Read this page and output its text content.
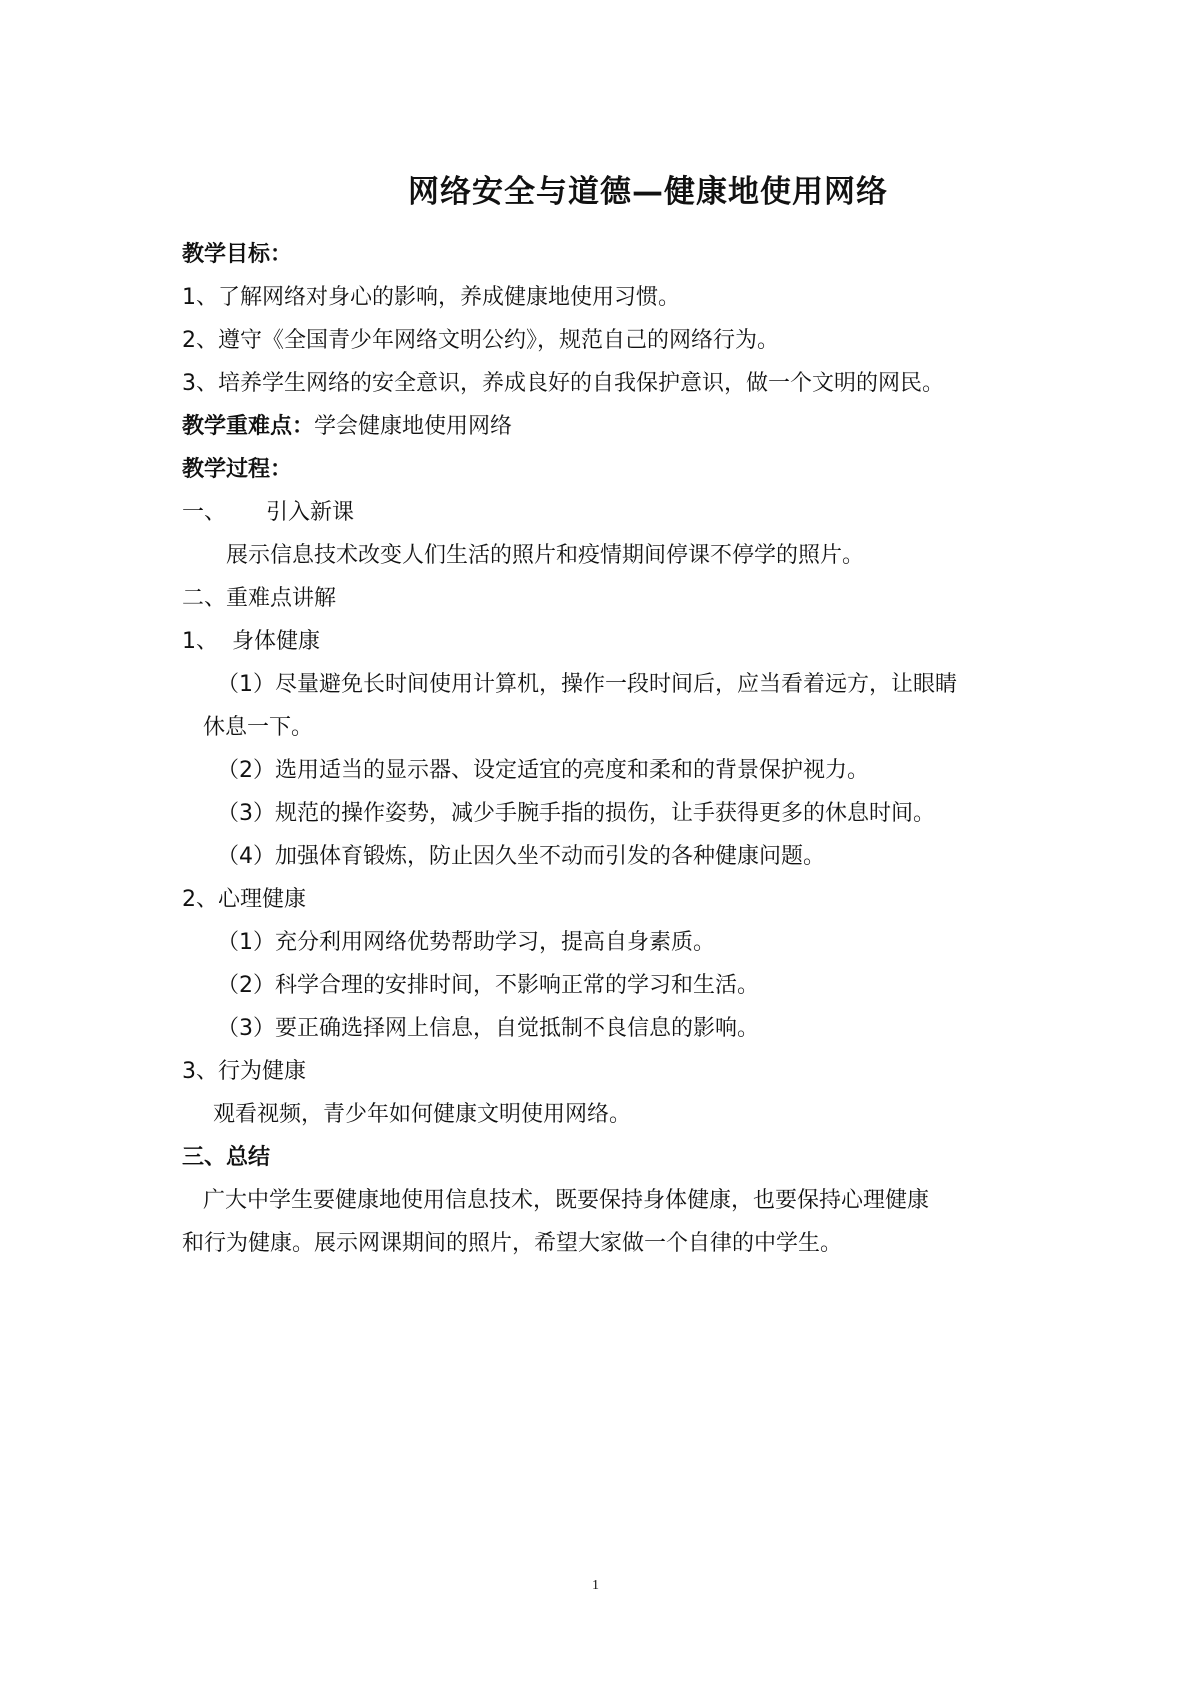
网络安全与道德—健康地使用网络
教学目标：
1、了解网络对身心的影响，养成健康地使用习惯。
2、遵守《全国青少年网络文明公约》，规范自己的网络行为。
3、培养学生网络的安全意识，养成良好的自我保护意识，做一个文明的网民。
教学重难点：学会健康地使用网络
教学过程：
一、 引入新课
展示信息技术改变人们生活的照片和疫情期间停课不停学的照片。
二、重难点讲解
1、 身体健康
（1）尽量避免长时间使用计算机，操作一段时间后，应当看着远方，让眼睛
休息一下。
（2）选用适当的显示器、设定适宜的亮度和柔和的背景保护视力。
（3）规范的操作姿势，减少手腕手指的损伤，让手获得更多的休息时间。
（4）加强体育锻炼，防止因久坐不动而引发的各种健康问题。
2、心理健康
（1）充分利用网络优势帮助学习，提高自身素质。
（2）科学合理的安排时间，不影响正常的学习和生活。
（3）要正确选择网上信息，自觉抵制不良信息的影响。
3、行为健康
观看视频，青少年如何健康文明使用网络。
三、总结
广大中学生要健康地使用信息技术，既要保持身体健康，也要保持心理健康
和行为健康。展示网课期间的照片，希望大家做一个自律的中学生。
1
